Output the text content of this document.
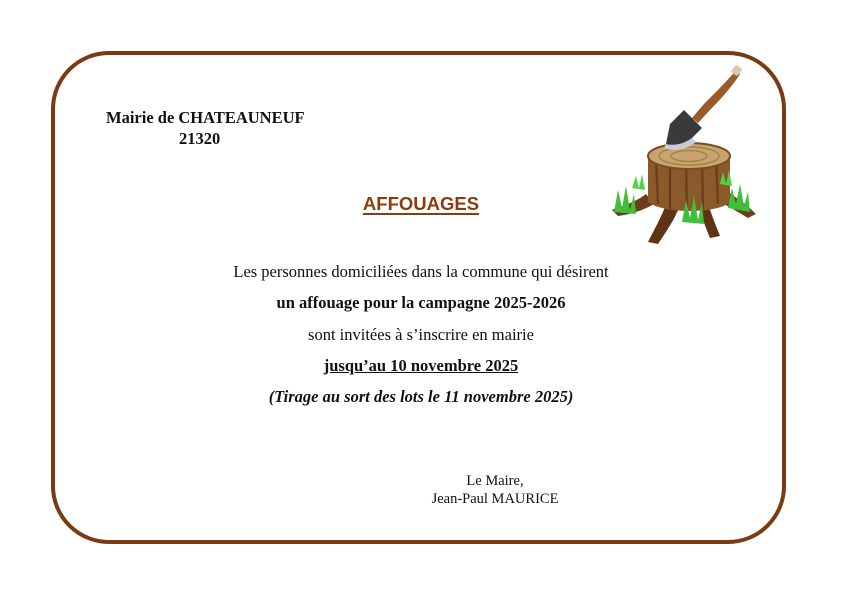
Mairie de CHATEAUNEUF
21320
AFFOUAGES
Les personnes domiciliées dans la commune qui désirent
un affouage pour la campagne 2025-2026
sont invitées à s’inscrire en mairie
jusqu’au 10 novembre 2025
(Tirage au sort des lots le 11 novembre 2025)
Le Maire,
Jean-Paul MAURICE
